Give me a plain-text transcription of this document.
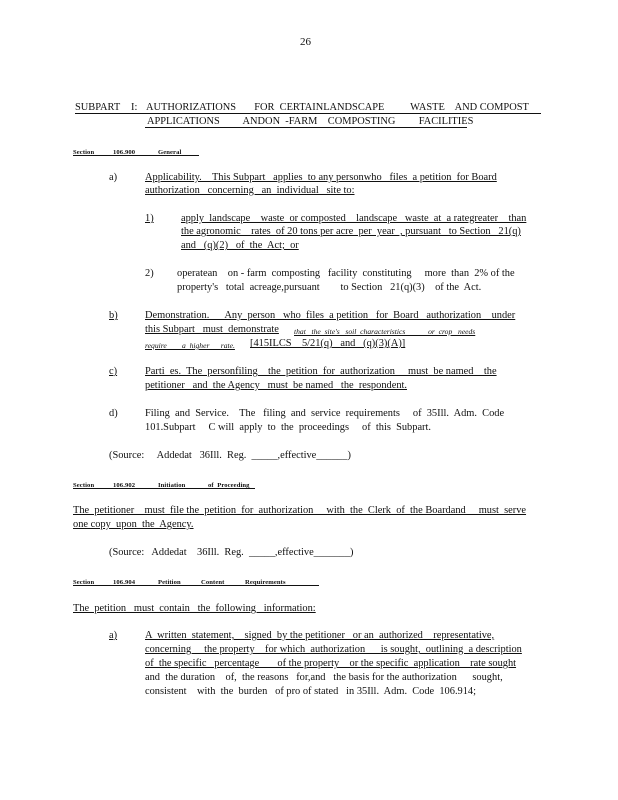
26
SUBPART I: AUTHORIZATIONS       FOR  CERTAINLANDSCAPE          WASTE    AND COMPOST
APPLICATIONS         ANDON  -FARM    COMPOSTING         FACILITIES
Section	106.900	General
a)	Applicability.    This Subpart   applies  to any personwho   files  a petition  for Board
authorization   concerning   an  individual   site to:
1)	apply  landscape    waste  or composted    landscape   waste  at  a rategreater    than
the agronomic    rates  of 20 tons per acre  per  year  , pursuant   to Section   21(q)
and   (q)(2)   of  the  Act;  or
2) operatean    on - farm  composting   facility  constituting     more  than  2% of the
property's   total  acreage,pursuant        to Section   21(q)(3)    of the  Act.
b)	Demonstration.      Any  person   who  files  a petition   for  Board   authorization    under
this Subpart   must  demonstrate that   the  site's   soil  characteristics            or  crop   needs
require        a  higher      rate. [415ILCS    5/21(q)   and   (q)(3)(A)]
c)	Parti  es.  The  personfiling    the  petition  for  authorization     must  be named    the
petitioner   and  the Agency   must  be named   the  respondent.
d)	Filing  and  Service.    The   filing  and  service  requirements     of  35Ill.  Adm.  Code
101.Subpart     C will  apply  to  the  proceedings     of  this  Subpart.
(Source:     Addedat   36Ill.  Reg.  _____,effective______)
Section	106.902	Initiation	of  Proceeding
The  petitioner    must  file the  petition  for  authorization     with  the  Clerk  of  the Boardand     must  serve
one copy  upon  the  Agency.
(Source:   Addedat    36Ill.  Reg.  _____,effective_______)
Section	106.904	Petition	Content	Requirements
The  petition   must  contain   the  following   information:
a)	A  written  statement,    signed  by the petitioner   or an  authorized    representative,
concerning     the property    for which  authorization      is sought,  outlining  a description
of  the specific   percentage       of the property    or the specific  application    rate sought
and  the duration    of,  the reasons   for,and   the basis for the authorization      sought,
consistent    with  the  burden   of pro of stated   in 35Ill.  Adm.  Code  106.914;
